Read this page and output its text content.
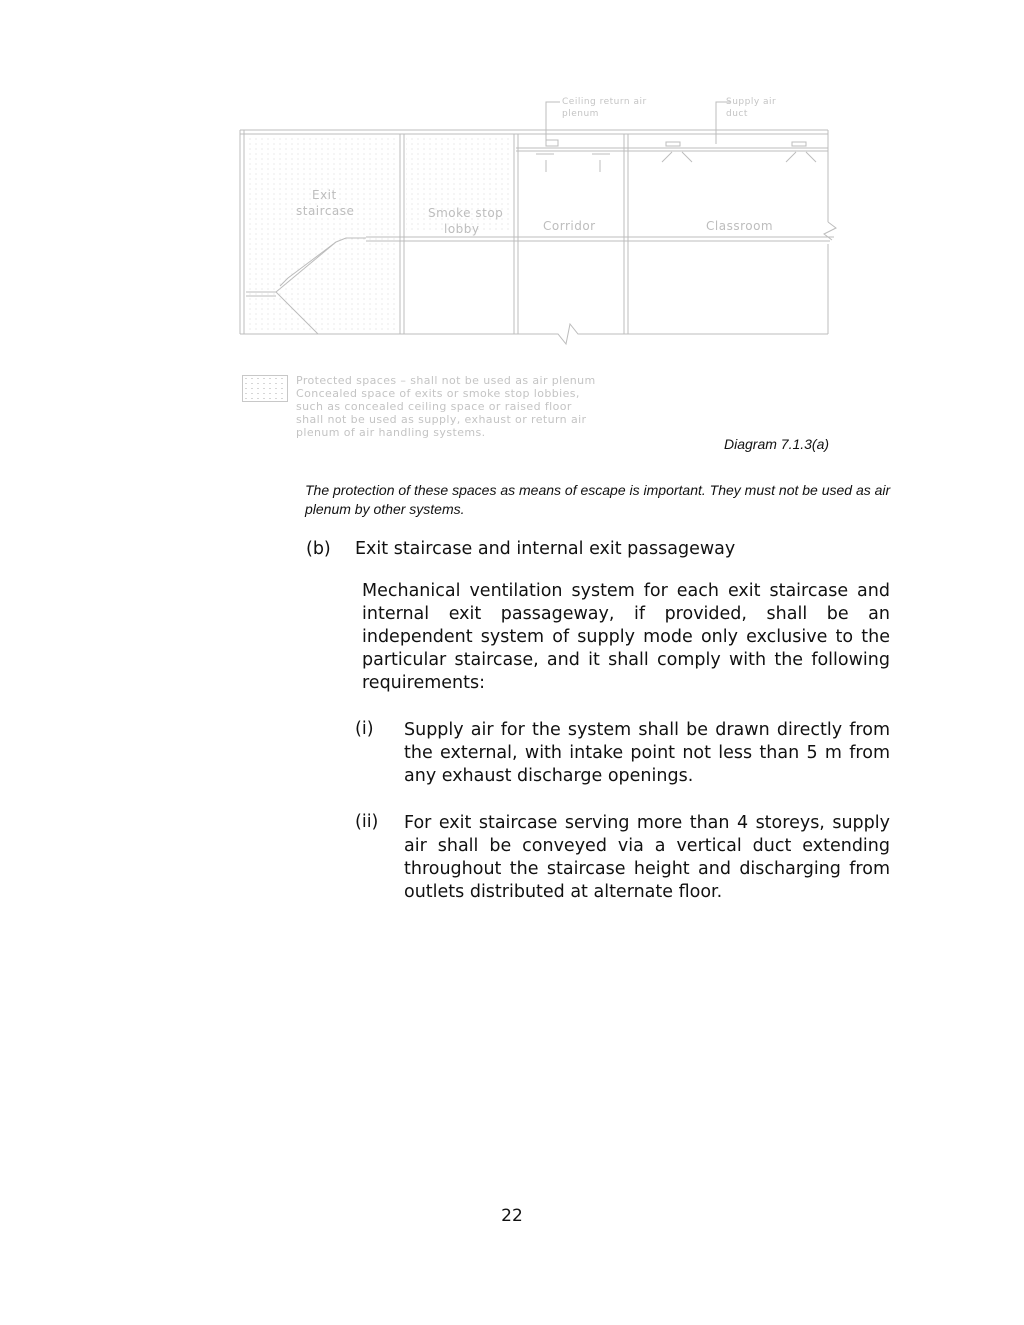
Ceiling return air
plenum
Supply air
duct
Exit
staircase	Smoke stop
lobby	Corridor	Classroom
Protected spaces – shall not be used as air plenum
Concealed space of exits or smoke stop lobbies,
such as concealed ceiling space or raised floor
shall not be used as supply, exhaust or return air
plenum of air handling systems.
Diagram 7.1.3(a)
The protection of these spaces as means of escape is important. They must not be used as air plenum by other systems.
(b) Exit staircase and internal exit passageway
Mechanical ventilation system for each exit staircase and internal exit passageway, if provided, shall be an independent system of supply mode only exclusive to the particular staircase, and it shall comply with the following requirements:
(i) Supply air for the system shall be drawn directly from the external, with intake point not less than 5 m from any exhaust discharge openings.
(ii) For exit staircase serving more than 4 storeys, supply air shall be conveyed via a vertical duct extending throughout the staircase height and discharging from outlets distributed at alternate floor.
22
